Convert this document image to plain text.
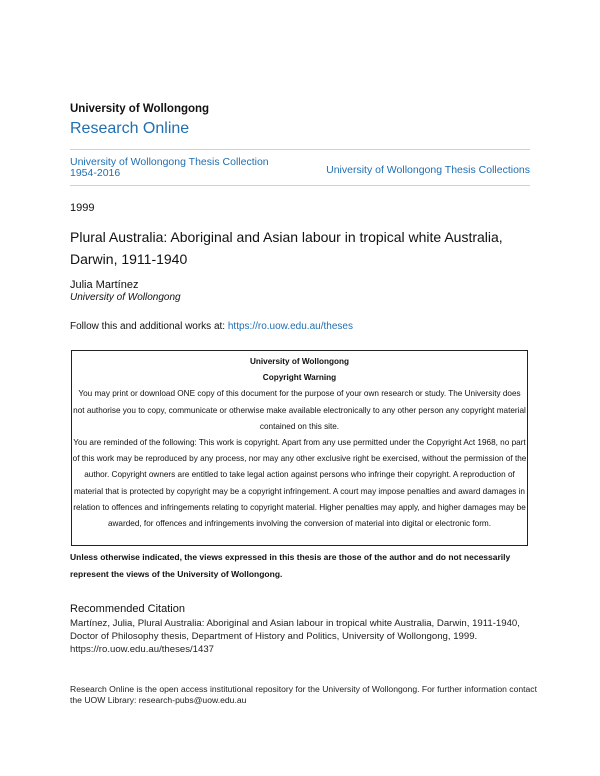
University of Wollongong
Research Online
University of Wollongong Thesis Collection 1954-2016	University of Wollongong Thesis Collections
1999
Plural Australia: Aboriginal and Asian labour in tropical white Australia, Darwin, 1911-1940
Julia Martínez
University of Wollongong
Follow this and additional works at: https://ro.uow.edu.au/theses

University of Wollongong

Copyright Warning

You may print or download ONE copy of this document for the purpose of your own research or study. The University does not authorise you to copy, communicate or otherwise make available electronically to any other person any copyright material contained on this site.

You are reminded of the following: This work is copyright. Apart from any use permitted under the Copyright Act 1968, no part of this work may be reproduced by any process, nor may any other exclusive right be exercised, without the permission of the author. Copyright owners are entitled to take legal action against persons who infringe their copyright. A reproduction of material that is protected by copyright may be a copyright infringement. A court may impose penalties and award damages in relation to offences and infringements relating to copyright material. Higher penalties may apply, and higher damages may be awarded, for offences and infringements involving the conversion of material into digital or electronic form.

Unless otherwise indicated, the views expressed in this thesis are those of the author and do not necessarily represent the views of the University of Wollongong.
Recommended Citation
Martínez, Julia, Plural Australia: Aboriginal and Asian labour in tropical white Australia, Darwin, 1911-1940, Doctor of Philosophy thesis, Department of History and Politics, University of Wollongong, 1999. https://ro.uow.edu.au/theses/1437
Research Online is the open access institutional repository for the University of Wollongong. For further information contact the UOW Library: research-pubs@uow.edu.au
